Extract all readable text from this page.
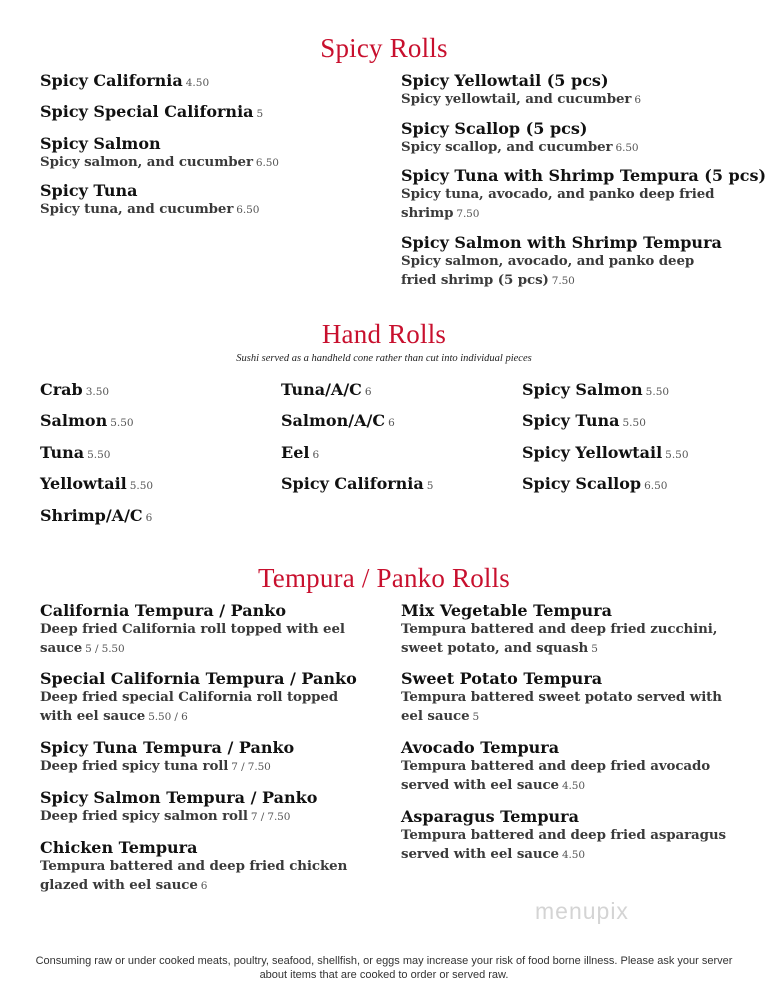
Spicy Rolls
Spicy California 4.50
Spicy Special California 5
Spicy Salmon
Spicy salmon, and cucumber 6.50
Spicy Tuna
Spicy tuna, and cucumber 6.50
Spicy Yellowtail (5 pcs)
Spicy yellowtail, and cucumber 6
Spicy Scallop (5 pcs)
Spicy scallop, and cucumber 6.50
Spicy Tuna with Shrimp Tempura (5 pcs)
Spicy tuna, avocado, and panko deep fried shrimp 7.50
Spicy Salmon with Shrimp Tempura
Spicy salmon, avocado, and panko deep fried shrimp (5 pcs) 7.50
Hand Rolls
Sushi served as a handheld cone rather than cut into individual pieces
Crab 3.50
Salmon 5.50
Tuna 5.50
Yellowtail 5.50
Shrimp/A/C 6
Tuna/A/C 6
Salmon/A/C 6
Eel 6
Spicy California 5
Spicy Salmon 5.50
Spicy Tuna 5.50
Spicy Yellowtail 5.50
Spicy Scallop 6.50
Tempura / Panko Rolls
California Tempura / Panko
Deep fried California roll topped with eel sauce 5 / 5.50
Special California Tempura / Panko
Deep fried special California roll topped with eel sauce 5.50 / 6
Spicy Tuna Tempura / Panko
Deep fried spicy tuna roll 7 / 7.50
Spicy Salmon Tempura / Panko
Deep fried spicy salmon roll 7 / 7.50
Chicken Tempura
Tempura battered and deep fried chicken glazed with eel sauce 6
Mix Vegetable Tempura
Tempura battered and deep fried zucchini, sweet potato, and squash 5
Sweet Potato Tempura
Tempura battered sweet potato served with eel sauce 5
Avocado Tempura
Tempura battered and deep fried avocado served with eel sauce 4.50
Asparagus Tempura
Tempura battered and deep fried asparagus served with eel sauce 4.50
menupix
Consuming raw or under cooked meats, poultry, seafood, shellfish, or eggs may increase your risk of food borne illness. Please ask your server about items that are cooked to order or served raw.
